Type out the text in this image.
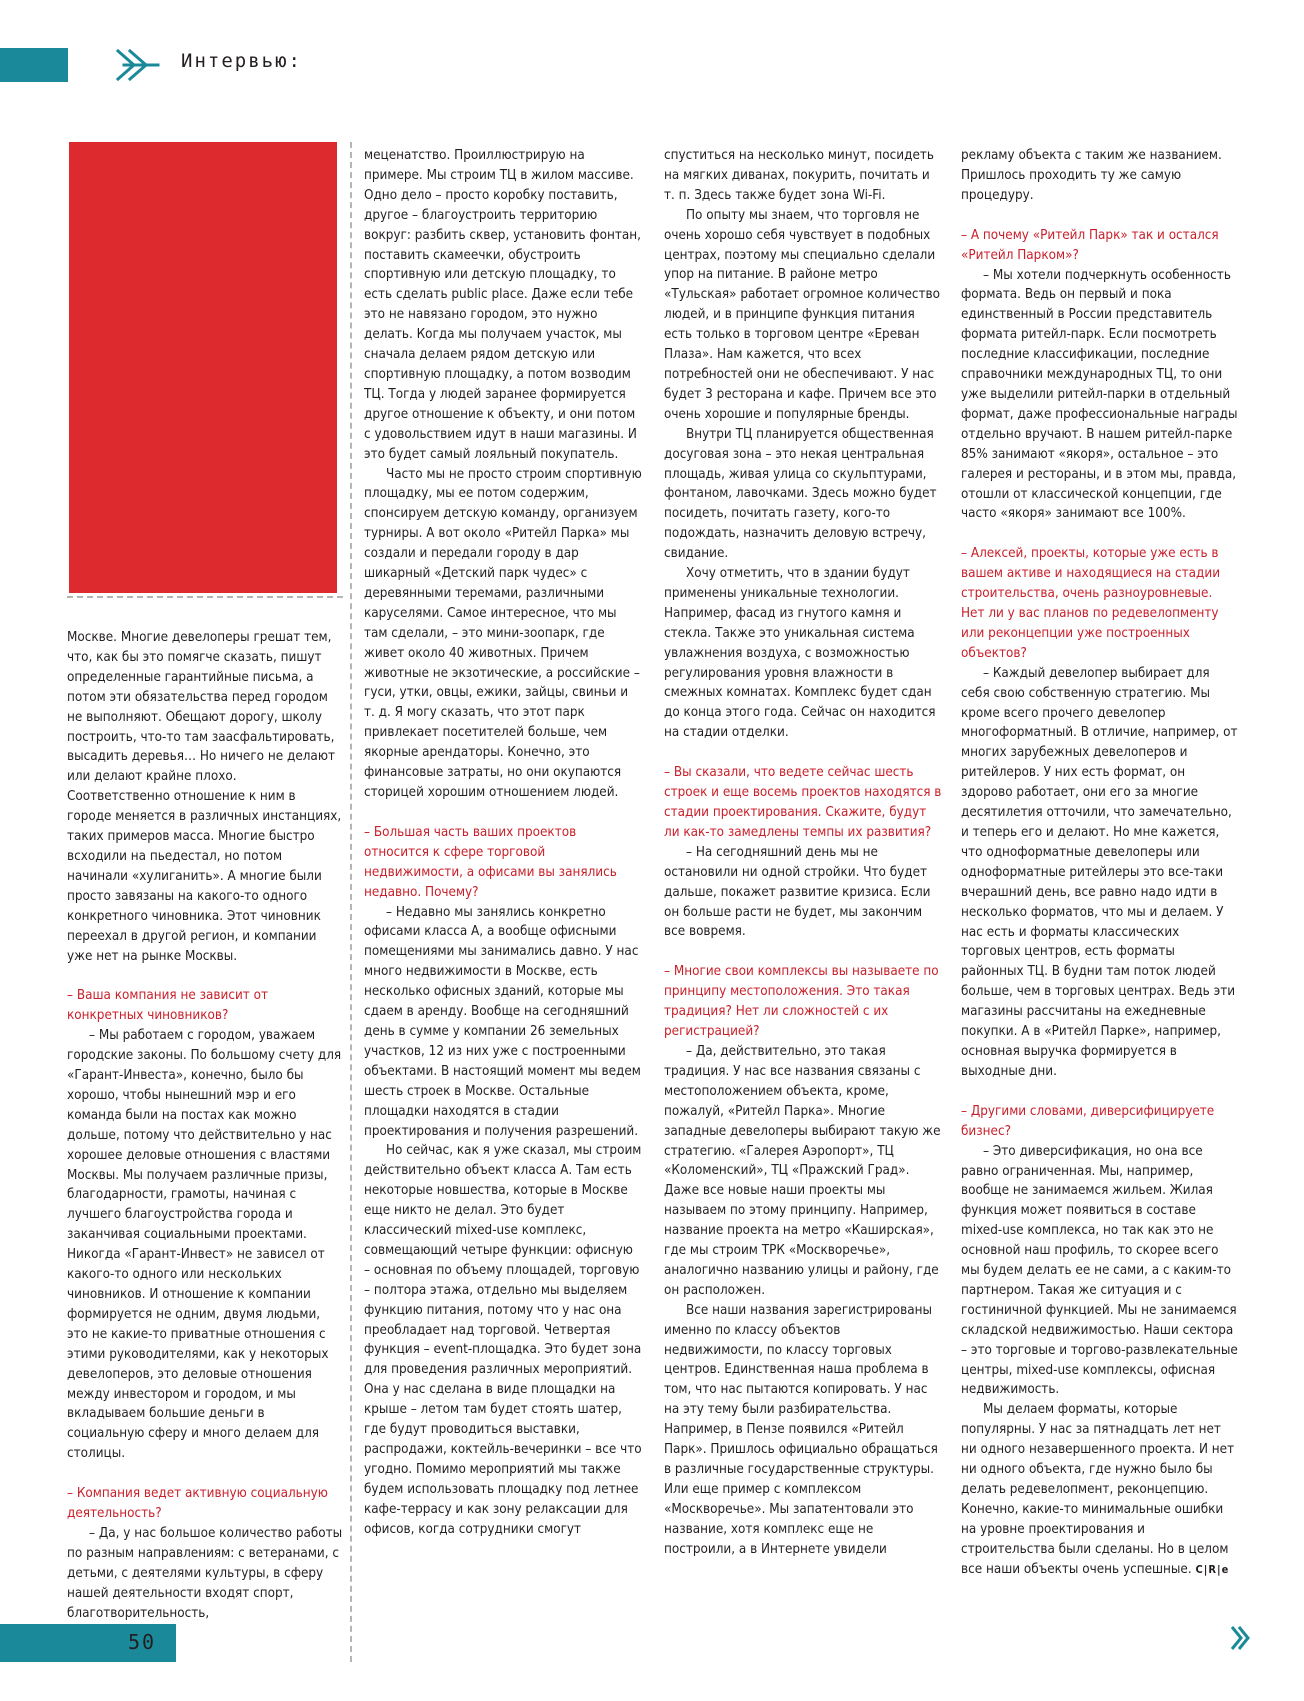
Интервью:

Москве. Многие девелоперы грешат тем, что, как бы это помягче сказать, пишут определенные гарантийные письма, а потом эти обязательства перед городом не выполняют. Обещают дорогу, школу построить, что-то там заасфальтировать, высадить деревья… Но ничего не делают или делают крайне плохо. Соответственно отношение к ним в городе меняется в различных инстанциях, таких примеров масса. Многие быстро всходили на пьедестал, но потом начинали «хулиганить». А многие были просто завязаны на какого-то одного конкретного чиновника. Этот чиновник переехал в другой регион, и компании уже нет на рынке Москвы.

– Ваша компания не зависит от конкретных чиновников?

– Мы работаем с городом, уважаем городские законы. По большому счету для «Гарант-Инвеста», конечно, было бы хорошо, чтобы нынешний мэр и его команда были на постах как можно дольше, потому что действительно у нас хорошее деловые отношения с властями Москвы. Мы получаем различные призы, благодарности, грамоты, начиная с лучшего благоустройства города и заканчивая социальными проектами. Никогда «Гарант-Инвест» не зависел от какого-то одного или нескольких чиновников. И отношение к компании формируется не одним, двумя людьми, это не какие-то приватные отношения с этими руководителями, как у некоторых девелоперов, это деловые отношения между инвестором и городом, и мы вкладываем большие деньги в социальную сферу и много делаем для столицы.

– Компания ведет активную социальную деятельность?

– Да, у нас большое количество работы по разным направлениям: с ветеранами, с детьми, с деятелями культуры, в сферу нашей деятельности входят спорт, благотворительность,

меценатство. Проиллюстрирую на примере. Мы строим ТЦ в жилом массиве. Одно дело – просто коробку поставить, другое – благоустроить территорию вокруг: разбить сквер, установить фонтан, поставить скамеечки, обустроить спортивную или детскую площадку, то есть сделать public place. Даже если тебе это не навязано городом, это нужно делать. Когда мы получаем участок, мы сначала делаем рядом детскую или спортивную площадку, а потом возводим ТЦ. Тогда у людей заранее формируется другое отношение к объекту, и они потом с удовольствием идут в наши магазины. И это будет самый лояльный покупатель.

Часто мы не просто строим спортивную площадку, мы ее потом содержим, спонсируем детскую команду, организуем турниры. А вот около «Ритейл Парка» мы создали и передали городу в дар шикарный «Детский парк чудес» с деревянными теремами, различными каруселями. Самое интересное, что мы там сделали, – это мини-зоопарк, где живет около 40 животных. Причем животные не экзотические, а российские – гуси, утки, овцы, ежики, зайцы, свиньи и т. д. Я могу сказать, что этот парк привлекает посетителей больше, чем якорные арендаторы. Конечно, это финансовые затраты, но они окупаются сторицей хорошим отношением людей.

– Большая часть ваших проектов относится к сфере торговой недвижимости, а офисами вы занялись недавно. Почему?

– Недавно мы занялись конкретно офисами класса А, а вообще офисными помещениями мы занимались давно. У нас много недвижимости в Москве, есть несколько офисных зданий, которые мы сдаем в аренду. Вообще на сегодняшний день в сумме у компании 26 земельных участков, 12 из них уже с построенными объектами. В настоящий момент мы ведем шесть строек в Москве. Остальные площадки находятся в стадии проектирования и получения разрешений.

Но сейчас, как я уже сказал, мы строим действительно объект класса А. Там есть некоторые новшества, которые в Москве еще никто не делал. Это будет классический mixed-use комплекс, совмещающий четыре функции: офисную – основная по объему площадей, торговую – полтора этажа, отдельно мы выделяем функцию питания, потому что у нас она преобладает над торговой. Четвертая функция – event-площадка. Это будет зона для проведения различных мероприятий. Она у нас сделана в виде площадки на крыше – летом там будет стоять шатер, где будут проводиться выставки, распродажи, коктейль-вечеринки – все что угодно. Помимо мероприятий мы также будем использовать площадку под летнее кафе-террасу и как зону релаксации для офисов, когда сотрудники смогут

спуститься на несколько минут, посидеть на мягких диванах, покурить, почитать и т. п. Здесь также будет зона Wi-Fi.

По опыту мы знаем, что торговля не очень хорошо себя чувствует в подобных центрах, поэтому мы специально сделали упор на питание. В районе метро «Тульская» работает огромное количество людей, и в принципе функция питания есть только в торговом центре «Ереван Плаза». Нам кажется, что всех потребностей они не обеспечивают. У нас будет 3 ресторана и кафе. Причем все это очень хорошие и популярные бренды.

Внутри ТЦ планируется общественная досуговая зона – это некая центральная площадь, живая улица со скульптурами, фонтаном, лавочками. Здесь можно будет посидеть, почитать газету, кого-то подождать, назначить деловую встречу, свидание.

Хочу отметить, что в здании будут применены уникальные технологии. Например, фасад из гнутого камня и стекла. Также это уникальная система увлажнения воздуха, с возможностью регулирования уровня влажности в смежных комнатах. Комплекс будет сдан до конца этого года. Сейчас он находится на стадии отделки.

– Вы сказали, что ведете сейчас шесть строек и еще восемь проектов находятся в стадии проектирования. Скажите, будут ли как-то замедлены темпы их развития?

– На сегодняшний день мы не остановили ни одной стройки. Что будет дальше, покажет развитие кризиса. Если он больше расти не будет, мы закончим все вовремя.

– Многие свои комплексы вы называете по принципу местоположения. Это такая традиция? Нет ли сложностей с их регистрацией?

– Да, действительно, это такая традиция. У нас все названия связаны с местоположением объекта, кроме, пожалуй, «Ритейл Парка». Многие западные девелоперы выбирают такую же стратегию. «Галерея Аэропорт», ТЦ «Коломенский», ТЦ «Пражский Град». Даже все новые наши проекты мы называем по этому принципу. Например, название проекта на метро «Каширская», где мы строим ТРК «Москворечье», аналогично названию улицы и району, где он расположен.

Все наши названия зарегистрированы именно по классу объектов недвижимости, по классу торговых центров. Единственная наша проблема в том, что нас пытаются копировать. У нас на эту тему были разбирательства. Например, в Пензе появился «Ритейл Парк». Пришлось официально обращаться в различные государственные структуры. Или еще пример с комплексом «Москворечье». Мы запатентовали это название, хотя комплекс еще не построили, а в Интернете увидели

рекламу объекта с таким же названием. Пришлось проходить ту же самую процедуру.

– А почему «Ритейл Парк» так и остался «Ритейл Парком»?

– Мы хотели подчеркнуть особенность формата. Ведь он первый и пока единственный в России представитель формата ритейл-парк. Если посмотреть последние классификации, последние справочники международных ТЦ, то они уже выделили ритейл-парки в отдельный формат, даже профессиональные награды отдельно вручают. В нашем ритейл-парке 85% занимают «якоря», остальное – это галерея и рестораны, и в этом мы, правда, отошли от классической концепции, где часто «якоря» занимают все 100%.

– Алексей, проекты, которые уже есть в вашем активе и находящиеся на стадии строительства, очень разноуровневые. Нет ли у вас планов по редевелопменту или реконцепции уже построенных объектов?

– Каждый девелопер выбирает для себя свою собственную стратегию. Мы кроме всего прочего девелопер многоформатный. В отличие, например, от многих зарубежных девелоперов и ритейлеров. У них есть формат, он здорово работает, они его за многие десятилетия отточили, что замечательно, и теперь его и делают. Но мне кажется, что одноформатные девелоперы или одноформатные ритейлеры это все-таки вчерашний день, все равно надо идти в несколько форматов, что мы и делаем. У нас есть и форматы классических торговых центров, есть форматы районных ТЦ. В будни там поток людей больше, чем в торговых центрах. Ведь эти магазины рассчитаны на ежедневные покупки. А в «Ритейл Парке», например, основная выручка формируется в выходные дни.

– Другими словами, диверсифицируете бизнес?

– Это диверсификация, но она все равно ограниченная. Мы, например, вообще не занимаемся жильем. Жилая функция может появиться в составе mixed-use комплекса, но так как это не основной наш профиль, то скорее всего мы будем делать ее не сами, а с каким-то партнером. Такая же ситуация и с гостиничной функцией. Мы не занимаемся складской недвижимостью. Наши сектора – это торговые и торгово-развлекательные центры, mixed-use комплексы, офисная недвижимость.

Мы делаем форматы, которые популярны. У нас за пятнадцать лет нет ни одного незавершенного проекта. И нет ни одного объекта, где нужно было бы делать редевелопмент, реконцепцию. Конечно, какие-то минимальные ошибки на уровне проектирования и строительства были сделаны. Но в целом все наши объекты очень успешные. C|R|e

50
